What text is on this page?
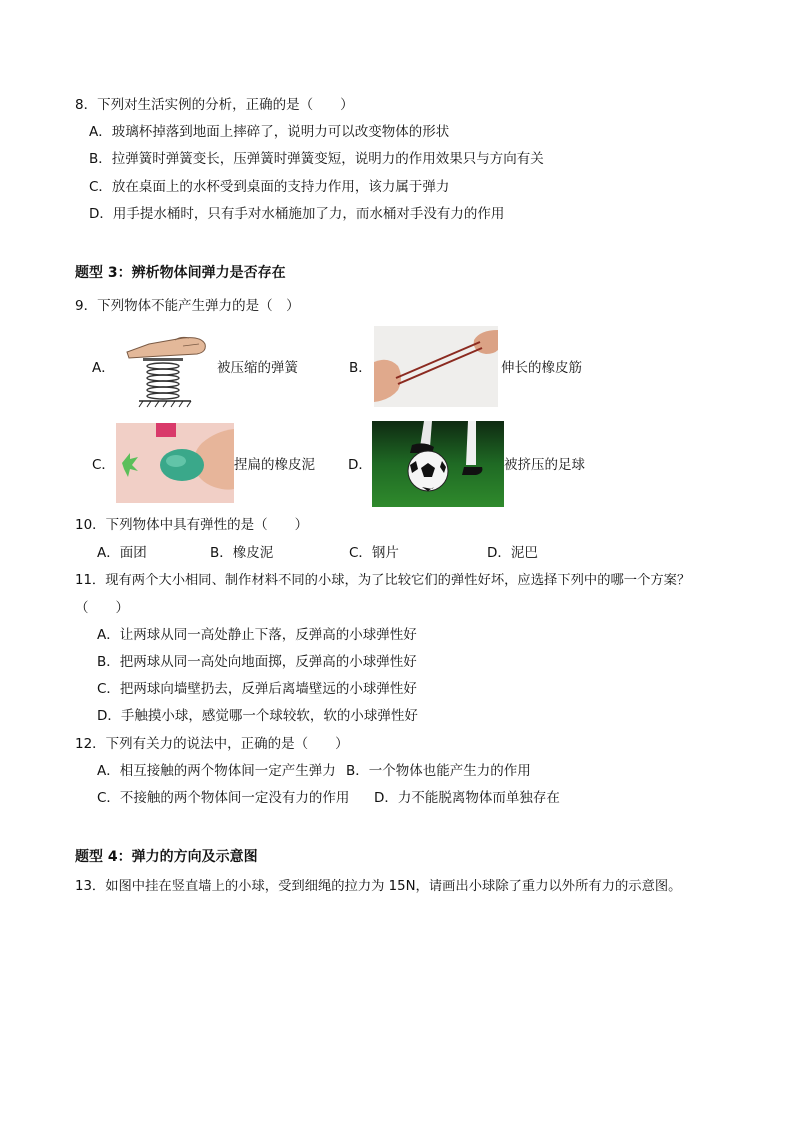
8．下列对生活实例的分析，正确的是（　　）
A．玻璃杯掉落到地面上摔碎了，说明力可以改变物体的形状
B．拉弹簧时弹簧变长，压弹簧时弹簧变短，说明力的作用效果只与方向有关
C．放在桌面上的水杯受到桌面的支持力作用，该力属于弹力
D．用手提水桶时，只有手对水桶施加了力，而水桶对手没有力的作用
题型 3：辨析物体间弹力是否存在
9．下列物体不能产生弹力的是（　）
A．	被压缩的弹簧	B．	伸长的橡皮筋
C．	捏扁的橡皮泥 D．	被挤压的足球
10．下列物体中具有弹性的是（　　）
A．面团	B．橡皮泥	C．钢片	D．泥巴
11．现有两个大小相同、制作材料不同的小球，为了比较它们的弹性好坏，应选择下列中的哪一个方案？
（　　）
A．让两球从同一高处静止下落，反弹高的小球弹性好
B．把两球从同一高处向地面掷，反弹高的小球弹性好
C．把两球向墙壁扔去，反弹后离墙壁远的小球弹性好
D．手触摸小球，感觉哪一个球较软，软的小球弹性好
12．下列有关力的说法中，正确的是（　　）
A．相互接触的两个物体间一定产生弹力 B．一个物体也能产生力的作用
C．不接触的两个物体间一定没有力的作用 D．力不能脱离物体而单独存在
题型 4：弹力的方向及示意图
13．如图中挂在竖直墙上的小球，受到细绳的拉力为 15N，请画出小球除了重力以外所有力的示意图。
